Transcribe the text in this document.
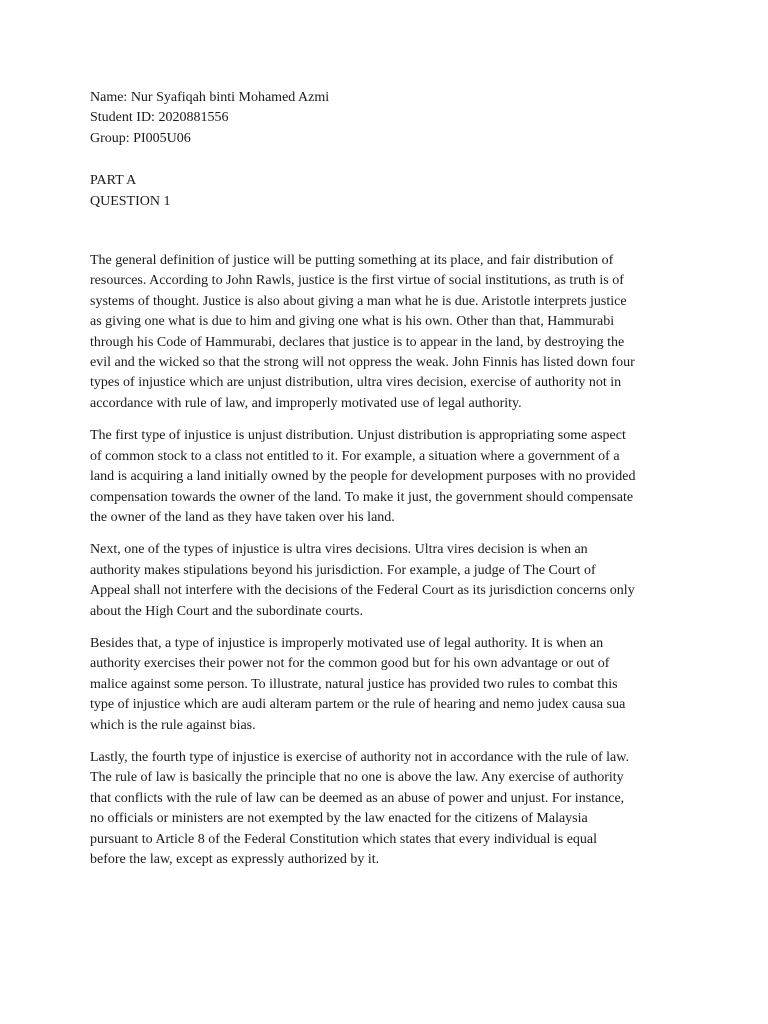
Name: Nur Syafiqah binti Mohamed Azmi
Student ID: 2020881556
Group: PI005U06
PART A
QUESTION 1
The general definition of justice will be putting something at its place, and fair distribution of
resources. According to John Rawls, justice is the first virtue of social institutions, as truth is of
systems of thought. Justice is also about giving a man what he is due. Aristotle interprets justice
as giving one what is due to him and giving one what is his own. Other than that, Hammurabi
through his Code of Hammurabi, declares that justice is to appear in the land, by destroying the
evil and the wicked so that the strong will not oppress the weak. John Finnis has listed down four
types of injustice which are unjust distribution, ultra vires decision, exercise of authority not in
accordance with rule of law, and improperly motivated use of legal authority.
The first type of injustice is unjust distribution. Unjust distribution is appropriating some aspect
of common stock to a class not entitled to it. For example, a situation where a government of a
land is acquiring a land initially owned by the people for development purposes with no provided
compensation towards the owner of the land. To make it just, the government should compensate
the owner of the land as they have taken over his land.
Next, one of the types of injustice is ultra vires decisions. Ultra vires decision is when an
authority makes stipulations beyond his jurisdiction. For example, a judge of The Court of
Appeal shall not interfere with the decisions of the Federal Court as its jurisdiction concerns only
about the High Court and the subordinate courts.
Besides that, a type of injustice is improperly motivated use of legal authority. It is when an
authority exercises their power not for the common good but for his own advantage or out of
malice against some person. To illustrate, natural justice has provided two rules to combat this
type of injustice which are audi alteram partem or the rule of hearing and nemo judex causa sua
which is the rule against bias.
Lastly, the fourth type of injustice is exercise of authority not in accordance with the rule of law.
The rule of law is basically the principle that no one is above the law. Any exercise of authority
that conflicts with the rule of law can be deemed as an abuse of power and unjust. For instance,
no officials or ministers are not exempted by the law enacted for the citizens of Malaysia
pursuant to Article 8 of the Federal Constitution which states that every individual is equal
before the law, except as expressly authorized by it.
